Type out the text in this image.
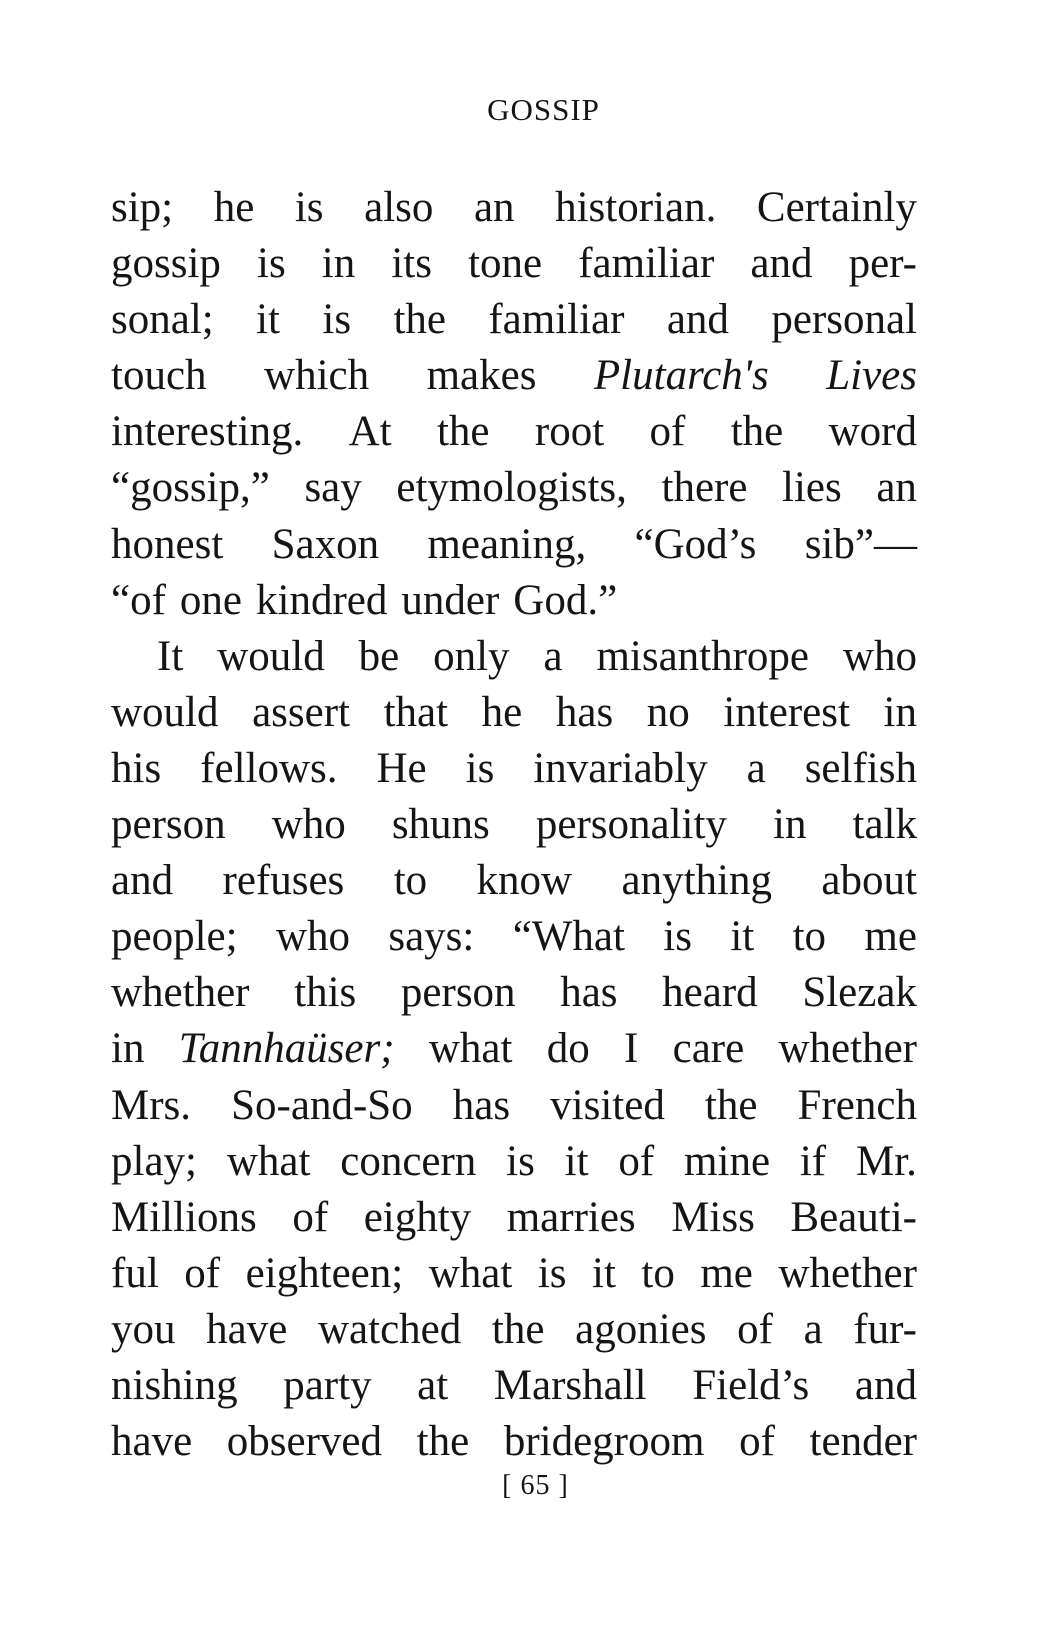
GOSSIP
sip; he is also an historian. Certainly
gossip is in its tone familiar and per-
sonal; it is the familiar and personal
touch which makes Plutarch's Lives
interesting. At the root of the word
“gossip,” say etymologists, there lies an
honest Saxon meaning, “God’s sib”—
“of one kindred under God.”
It would be only a misanthrope who
would assert that he has no interest in
his fellows. He is invariably a selfish
person who shuns personality in talk
and refuses to know anything about
people; who says: “What is it to me
whether this person has heard Slezak
in Tannhaüser; what do I care whether
Mrs. So-and-So has visited the French
play; what concern is it of mine if Mr.
Millions of eighty marries Miss Beauti-
ful of eighteen; what is it to me whether
you have watched the agonies of a fur-
nishing party at Marshall Field’s and
have observed the bridegroom of tender
[ 65 ]
